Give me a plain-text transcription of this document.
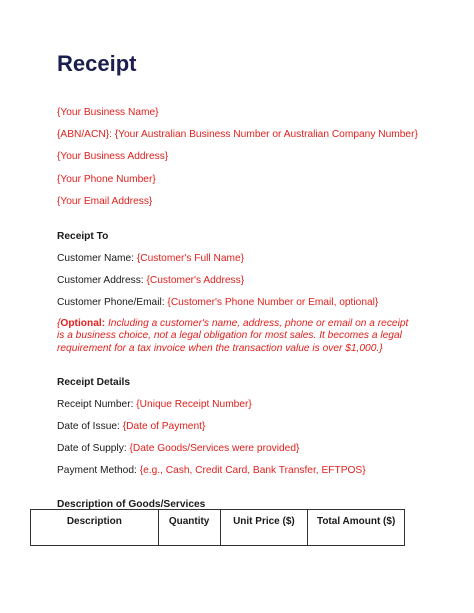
Receipt
{Your Business Name}
{ABN/ACN}: {Your Australian Business Number or Australian Company Number}
{Your Business Address}
{Your Phone Number}
{Your Email Address}
Receipt To
Customer Name: {Customer's Full Name}
Customer Address: {Customer's Address}
Customer Phone/Email: {Customer's Phone Number or Email, optional}
{Optional: Including a customer's name, address, phone or email on a receipt is a business choice, not a legal obligation for most sales. It becomes a legal requirement for a tax invoice when the transaction value is over $1,000.}
Receipt Details
Receipt Number: {Unique Receipt Number}
Date of Issue: {Date of Payment}
Date of Supply: {Date Goods/Services were provided}
Payment Method: {e.g., Cash, Credit Card, Bank Transfer, EFTPOS}
Description of Goods/Services
Description	Quantity	Unit Price ($)	Total Amount ($)
